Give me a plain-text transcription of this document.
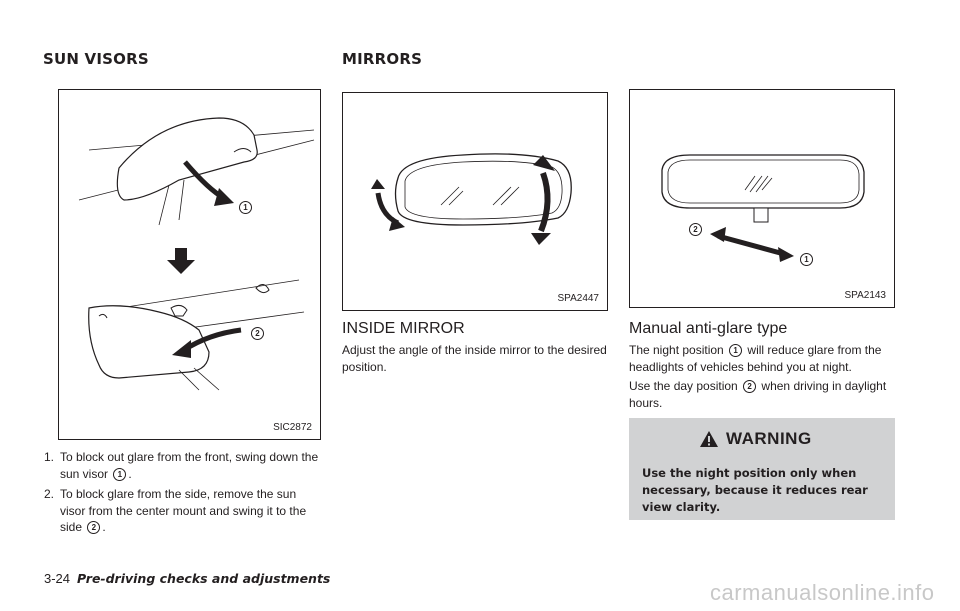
SUN VISORS	MIRRORS
1
2
SIC2872
SPA2447
2
1
SPA2143
1. To block out glare from the front, swing down the sun visor 1 .
2. To block glare from the side, remove the sun visor from the center mount and swing it to the side 2 .
INSIDE MIRROR
Adjust the angle of the inside mirror to the desired position.
Manual anti-glare type
The night position 1 will reduce glare from the headlights of vehicles behind you at night.
Use the day position 2 when driving in daylight hours.
WARNING
Use the night position only when necessary, because it reduces rear view clarity.
3-24 Pre-driving checks and adjustments
carmanualsonline.info
